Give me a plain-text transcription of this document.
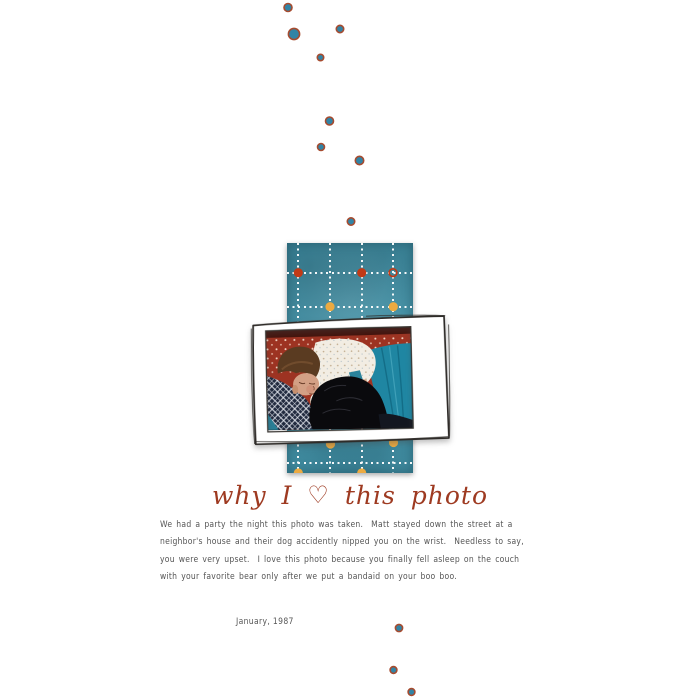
why I ♡ this photo
We had a party the night this photo was taken.  Matt stayed down the street at a
neighbor's house and their dog accidently nipped you on the wrist.  Needless to say,
you were very upset.  I love this photo because you finally fell asleep on the couch
with your favorite bear only after we put a bandaid on your boo boo.
January, 1987
